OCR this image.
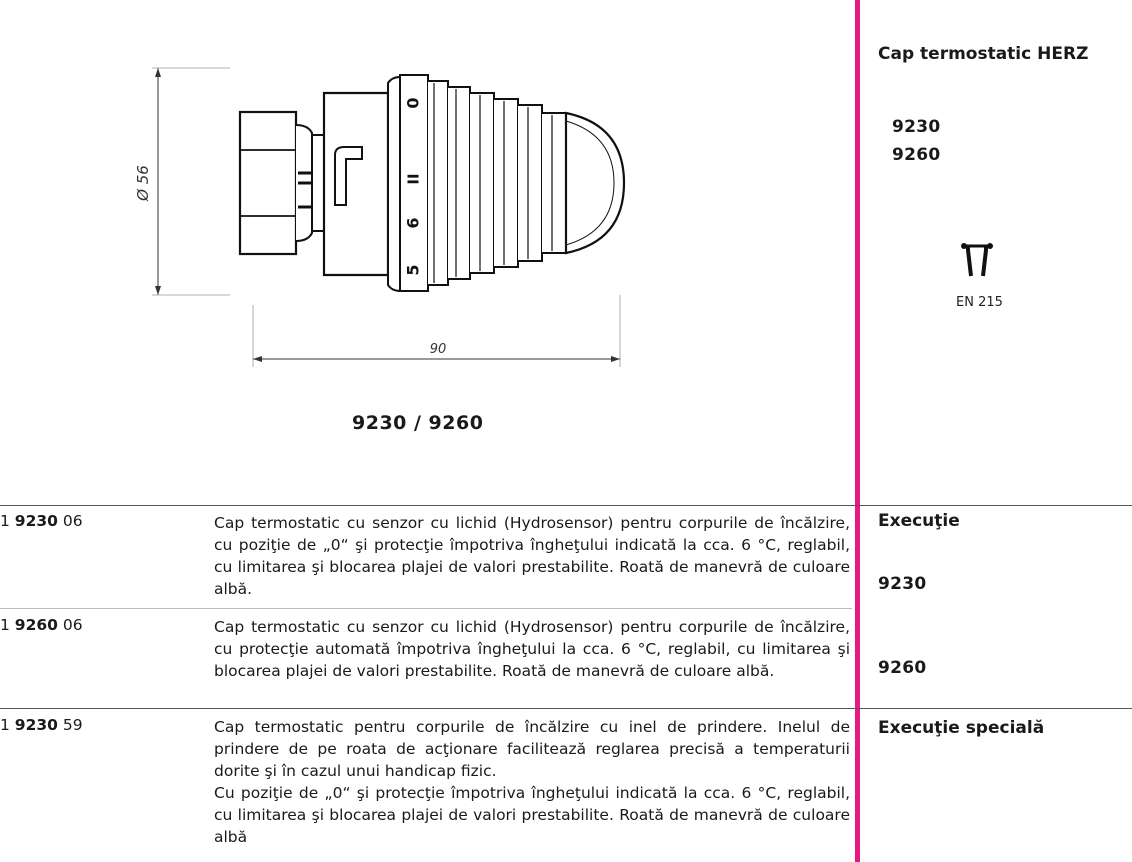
Ø 56
90
0
II
6
5
9230 / 9260
Cap termostatic HERZ
9230
9260
EN 215
1 9230 06	Cap termostatic cu senzor cu lichid (Hydrosensor) pentru corpurile de încălzire, cu poziţie de „0“ şi protecţie împotriva îngheţului indicată la cca. 6 °C, reglabil, cu limitarea şi blocarea plajei de valori prestabilite. Roată de manevră de culoare albă.

1 9260 06	Cap termostatic cu senzor cu lichid (Hydrosensor) pentru corpurile de încălzire, cu protecţie automată împotriva îngheţului la cca. 6 °C, reglabil, cu limitarea şi blocarea plajei de valori prestabilite. Roată de manevră de culoare albă.

1 9230 59	Cap termostatic pentru corpurile de încălzire cu inel de prindere. Inelul de prindere de pe roata de acţionare facilitează reglarea precisă a temperaturii dorite şi în cazul unui handicap fizic.

Cu poziţie de „0“ şi protecţie împotriva îngheţului indicată la cca. 6 °C, reglabil, cu limitarea şi blocarea plajei de valori prestabilite. Roată de manevră de culoare albă

Execuţie
9230
9260
Execuţie specială
